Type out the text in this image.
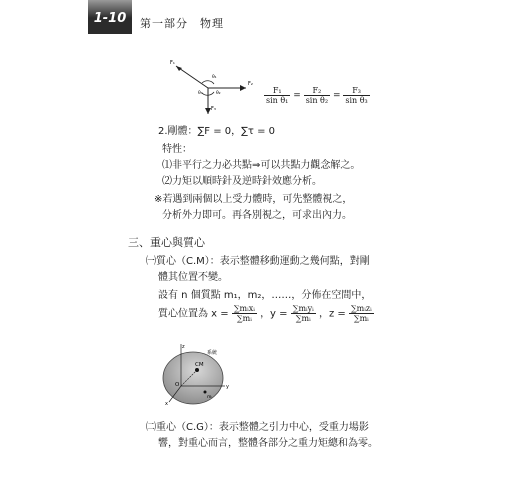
1-10	第一部分　物理
F₁
F₂
F₃
θ₁
θ₂
θ₃	$\frac{\text{F₁}}{\text{sin θ₁}} = \frac{\text{F₂}}{\text{sin θ₂}} = \frac{\text{F₃}}{\text{sin θ₃}}$
2.剛體：∑F = 0，∑τ = 0
特性：
⑴非平行之力必共點⇒可以共點力觀念解之。
⑵力矩以順時針及逆時針效應分析。
※若遇到兩個以上受力體時，可先整體視之，
分析外力即可。再各別視之，可求出內力。
三、重心與質心
㈠質心（C.M）：表示整體移動運動之幾何點，對剛
體其位置不變。
設有 n 個質點 m₁，m₂，……，分佈在空間中，
質心位置為 $x = \frac{\text{∑mᵢxᵢ}}{\text{∑mᵢ}}$ ，$y = \frac{\text{∑mᵢyᵢ}}{\text{∑mᵢ}}$ ，$z = \frac{\text{∑mᵢzᵢ}}{\text{∑mᵢ}}$
系統
CM
O	y
z
x
mᵢ
㈡重心（C.G）：表示整體之引力中心，受重力場影
響，對重心而言，整體各部分之重力矩總和為零。
